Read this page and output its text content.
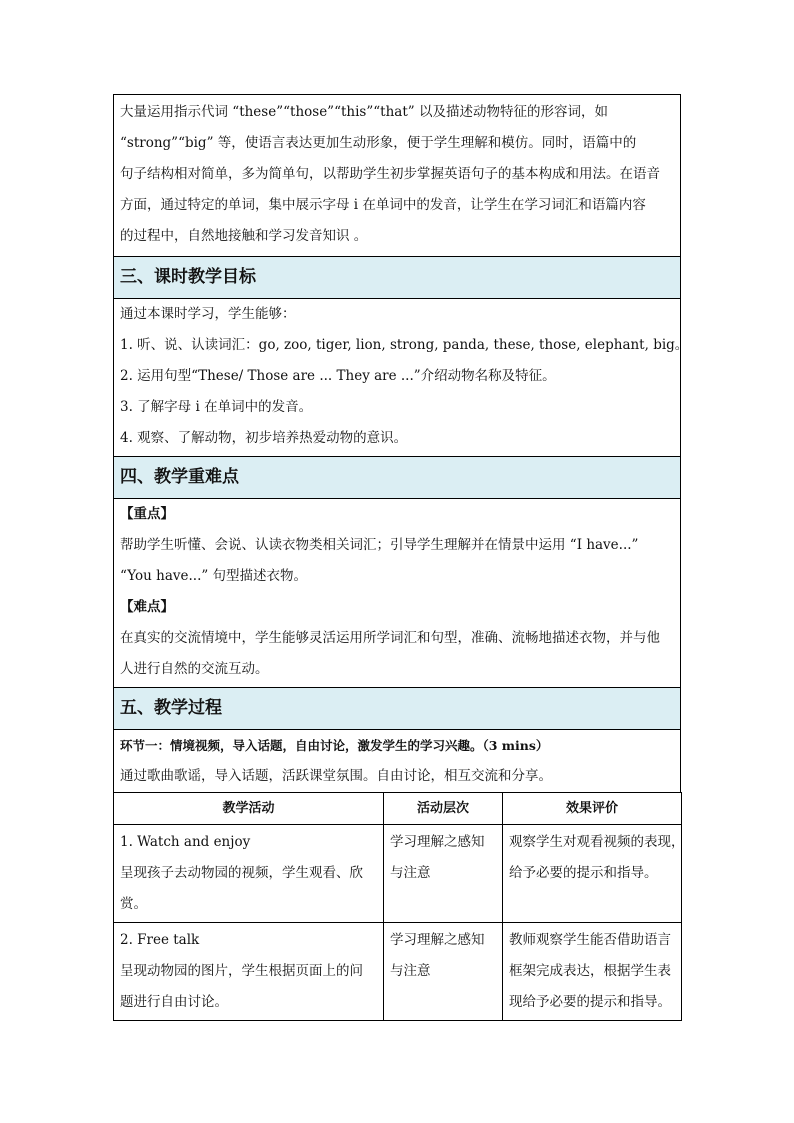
大量运用指示代词 “these”“those”“this”“that” 以及描述动物特征的形容词，如
“strong”“big” 等，使语言表达更加生动形象，便于学生理解和模仿。同时，语篇中的
句子结构相对简单，多为简单句，以帮助学生初步掌握英语句子的基本构成和用法。在语音
方面，通过特定的单词，集中展示字母 i 在单词中的发音，让学生在学习词汇和语篇内容
的过程中，自然地接触和学习发音知识 。

三、课时教学目标

通过本课时学习，学生能够：
1. 听、说、认读词汇：go, zoo, tiger, lion, strong, panda, these, those, elephant, big。
2. 运用句型“These/ Those are ... They are ...”介绍动物名称及特征。
3. 了解字母 i 在单词中的发音。
4. 观察、了解动物，初步培养热爱动物的意识。

四、教学重难点

【重点】
帮助学生听懂、会说、认读衣物类相关词汇；引导学生理解并在情景中运用 “I have...”
“You have...” 句型描述衣物。
【难点】
在真实的交流情境中，学生能够灵活运用所学词汇和句型，准确、流畅地描述衣物，并与他
人进行自然的交流互动。

五、教学过程

环节一：情境视频，导入话题，自由讨论，激发学生的学习兴趣。（3 mins）
通过歌曲歌谣，导入话题，活跃课堂氛围。自由讨论，相互交流和分享。
教学活动	活动层次	效果评价

1. Watch and enjoy
呈现孩子去动物园的视频，学生观看、欣
赏。	学习理解之感知
与注意	观察学生对观看视频的表现，
给予必要的提示和指导。

2. Free talk
呈现动物园的图片，学生根据页面上的问
题进行自由讨论。	学习理解之感知
与注意	教师观察学生能否借助语言
框架完成表达，根据学生表
现给予必要的提示和指导。
